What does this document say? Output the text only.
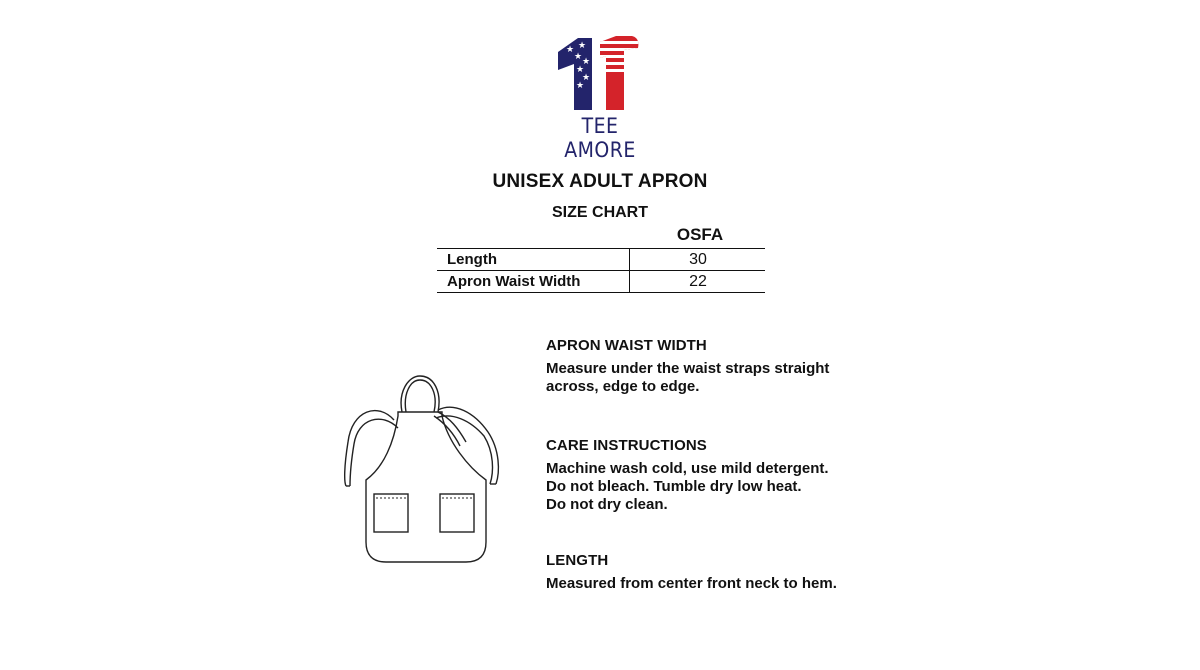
★ ★
★ ★
★
★
★
TEE AMORE
UNISEX ADULT APRON
SIZE CHART
OSFA
Length	30
Apron Waist Width	22
APRON WAIST WIDTH

Measure under the waist straps straight
across, edge to edge.

CARE INSTRUCTIONS

Machine wash cold, use mild detergent.
Do not bleach. Tumble dry low heat.
Do not dry clean.

LENGTH

Measured from center front neck to hem.
